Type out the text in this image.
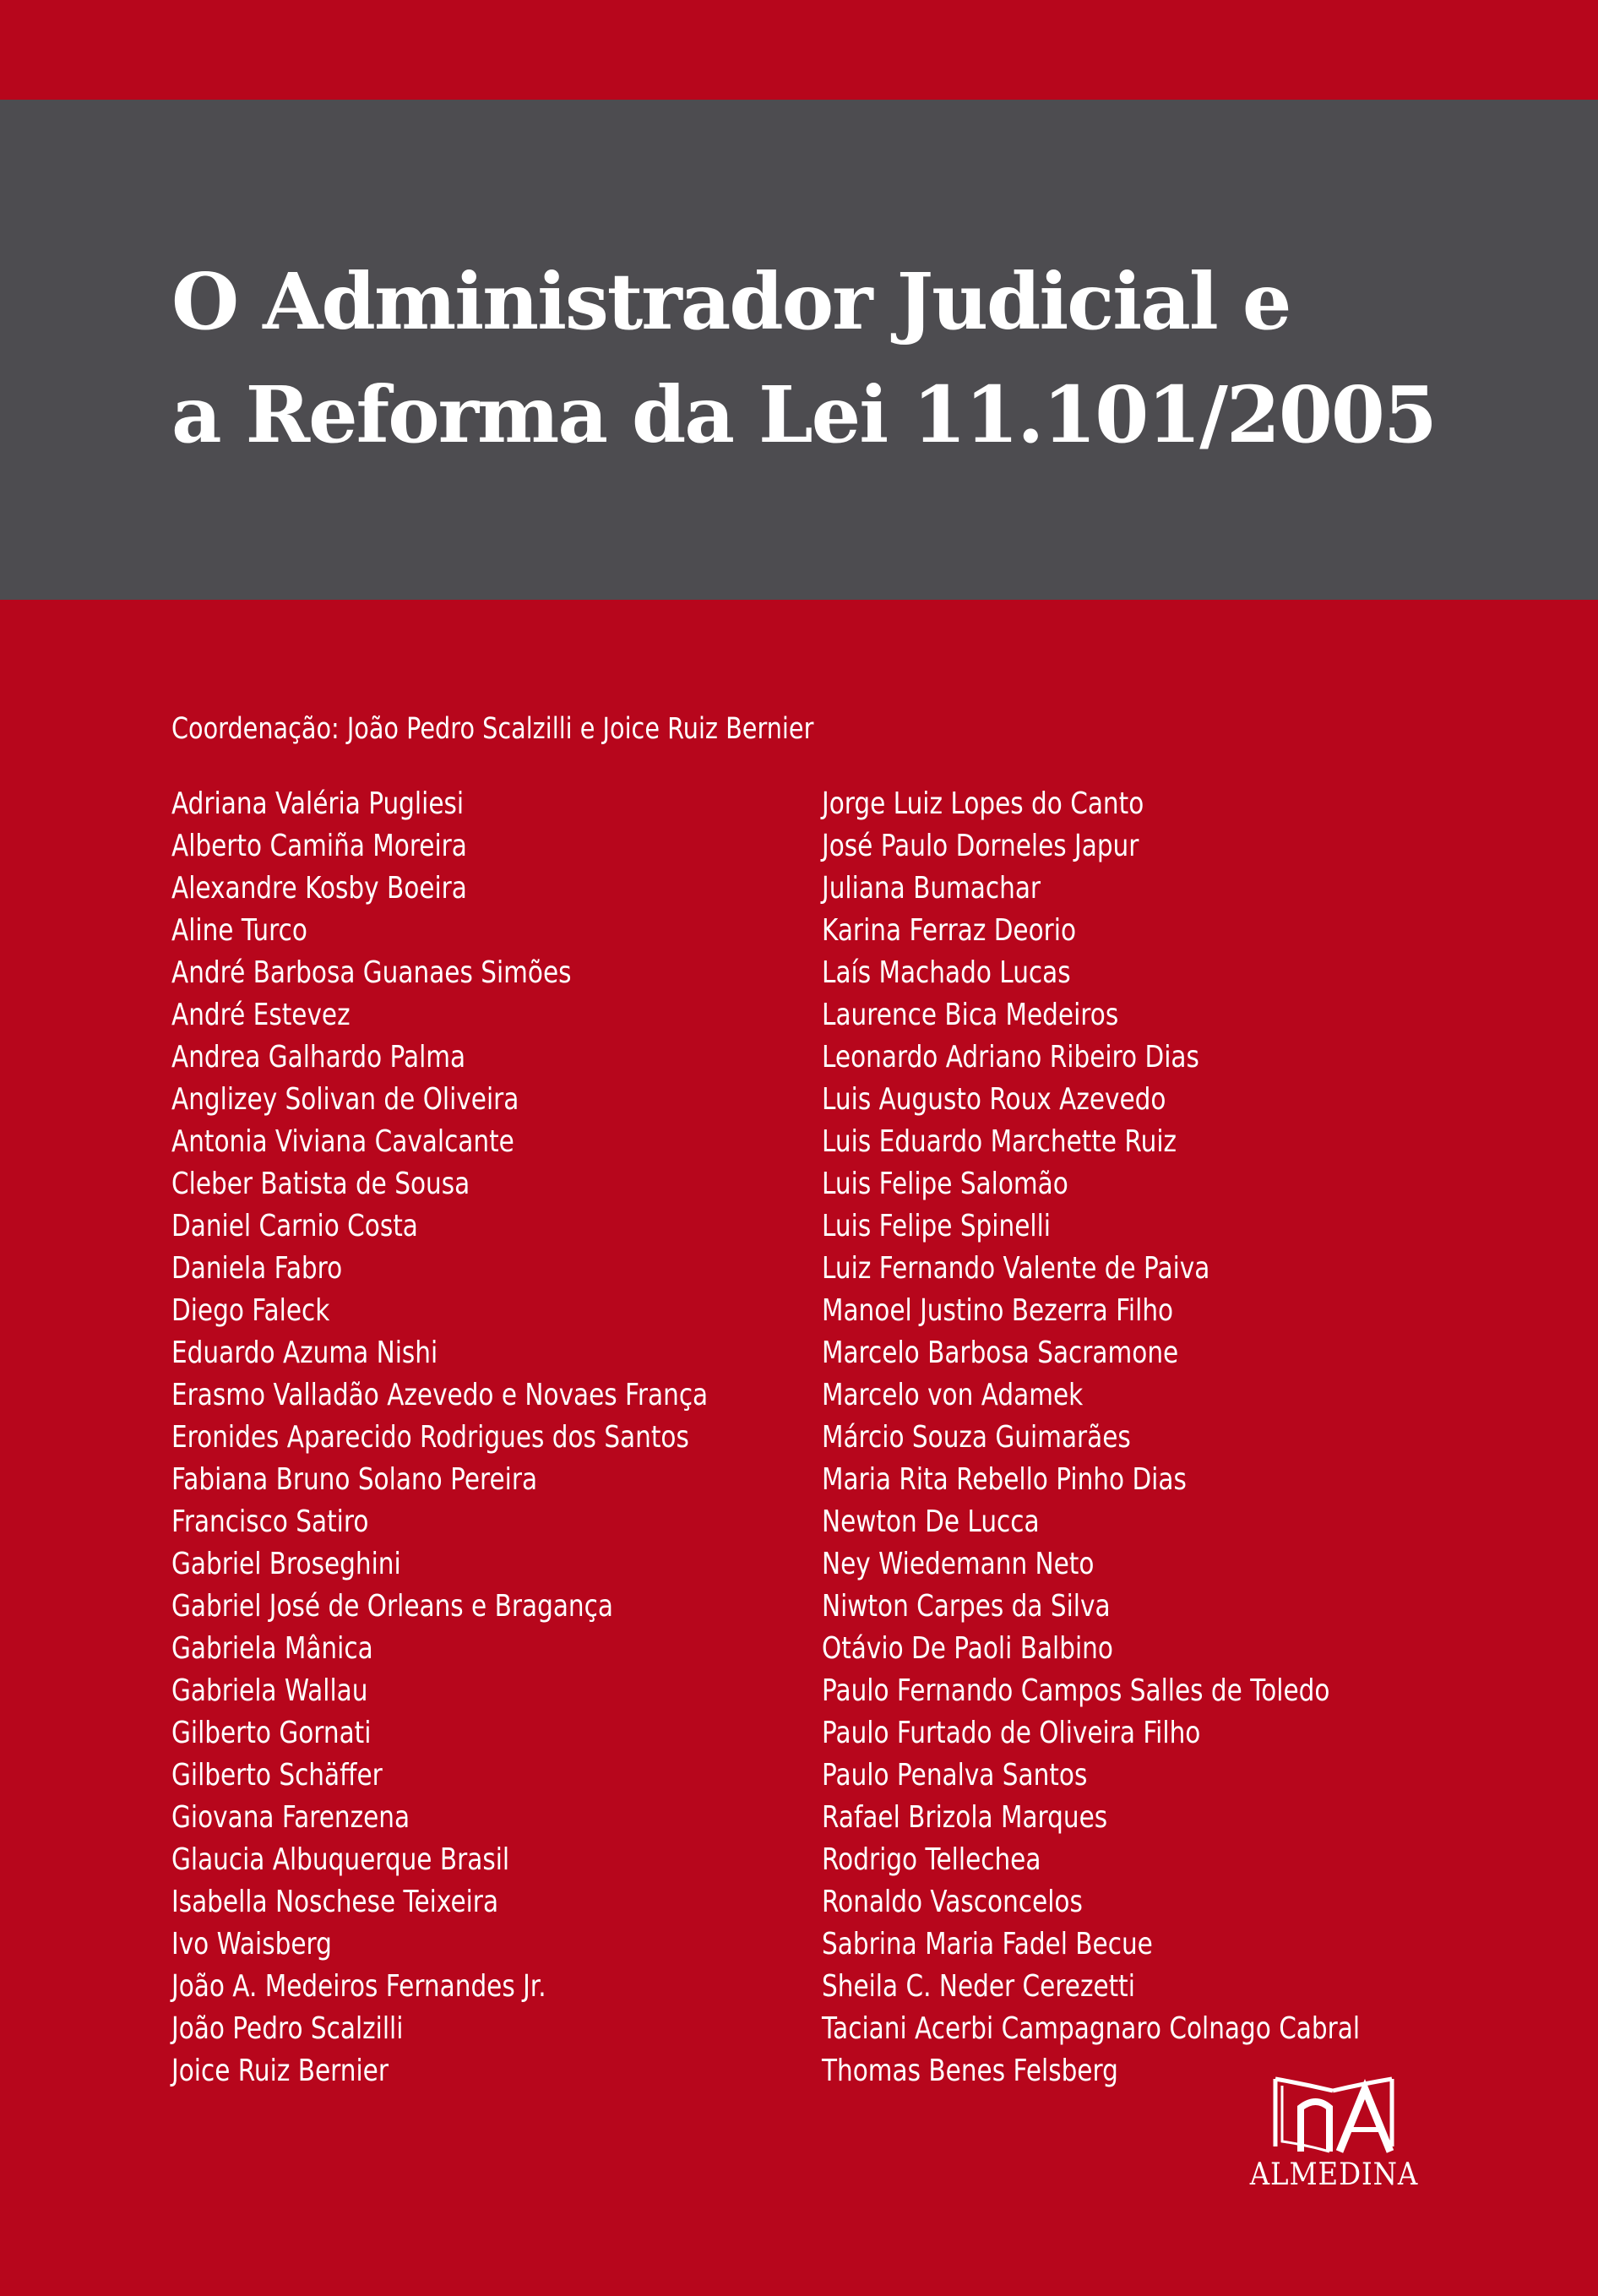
O Administrador Judicial e
a Reforma da Lei 11.101/2005
Coordenação: João Pedro Scalzilli e Joice Ruiz Bernier
Adriana Valéria Pugliesi
Alberto Camiña Moreira
Alexandre Kosby Boeira
Aline Turco
André Barbosa Guanaes Simões
André Estevez
Andrea Galhardo Palma
Anglizey Solivan de Oliveira
Antonia Viviana Cavalcante
Cleber Batista de Sousa
Daniel Carnio Costa
Daniela Fabro
Diego Faleck
Eduardo Azuma Nishi
Erasmo Valladão Azevedo e Novaes França
Eronides Aparecido Rodrigues dos Santos
Fabiana Bruno Solano Pereira
Francisco Satiro
Gabriel Broseghini
Gabriel José de Orleans e Bragança
Gabriela Mânica
Gabriela Wallau
Gilberto Gornati
Gilberto Schäffer
Giovana Farenzena
Glaucia Albuquerque Brasil
Isabella Noschese Teixeira
Ivo Waisberg
João A. Medeiros Fernandes Jr.
João Pedro Scalzilli
Joice Ruiz Bernier
Jorge Luiz Lopes do Canto
José Paulo Dorneles Japur
Juliana Bumachar
Karina Ferraz Deorio
Laís Machado Lucas
Laurence Bica Medeiros
Leonardo Adriano Ribeiro Dias
Luis Augusto Roux Azevedo
Luis Eduardo Marchette Ruiz
Luis Felipe Salomão
Luis Felipe Spinelli
Luiz Fernando Valente de Paiva
Manoel Justino Bezerra Filho
Marcelo Barbosa Sacramone
Marcelo von Adamek
Márcio Souza Guimarães
Maria Rita Rebello Pinho Dias
Newton De Lucca
Ney Wiedemann Neto
Niwton Carpes da Silva
Otávio De Paoli Balbino
Paulo Fernando Campos Salles de Toledo
Paulo Furtado de Oliveira Filho
Paulo Penalva Santos
Rafael Brizola Marques
Rodrigo Tellechea
Ronaldo Vasconcelos
Sabrina Maria Fadel Becue
Sheila C. Neder Cerezetti
Taciani Acerbi Campagnaro Colnago Cabral
Thomas Benes Felsberg
ALMEDINA
